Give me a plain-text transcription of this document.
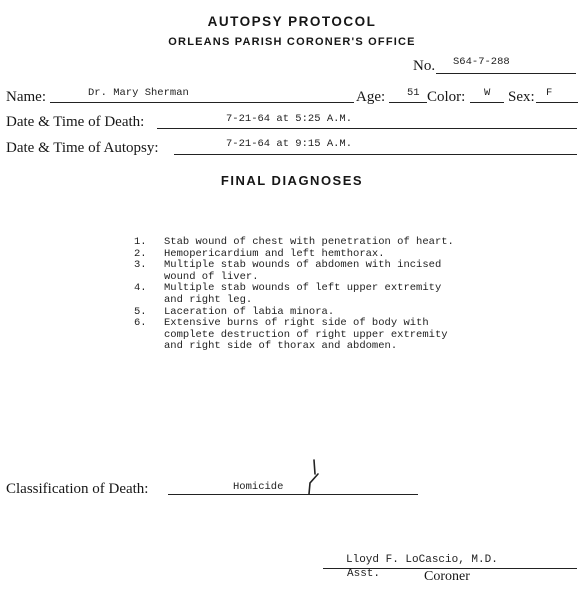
AUTOPSY PROTOCOL
ORLEANS PARISH CORONER'S OFFICE
No. S64-7-288
Name:	Dr. Mary Sherman	Age: 51 Color: W Sex: F
Date & Time of Death:	7-21-64 at 5:25 A.M.
Date & Time of Autopsy:	7-21-64 at 9:15 A.M.
FINAL DIAGNOSES
1. Stab wound of chest with penetration of heart.
2. Hemopericardium and left hemthorax.
3. Multiple stab wounds of abdomen with incised
wound of liver.
4. Multiple stab wounds of left upper extremity
and right leg.
5. Laceration of labia minora.
6. Extensive burns of right side of body with
complete destruction of right upper extremity
and right side of thorax and abdomen.
Classification of Death:	Homicide
Lloyd F. LoCascio, M.D.
Asst.	Coroner
